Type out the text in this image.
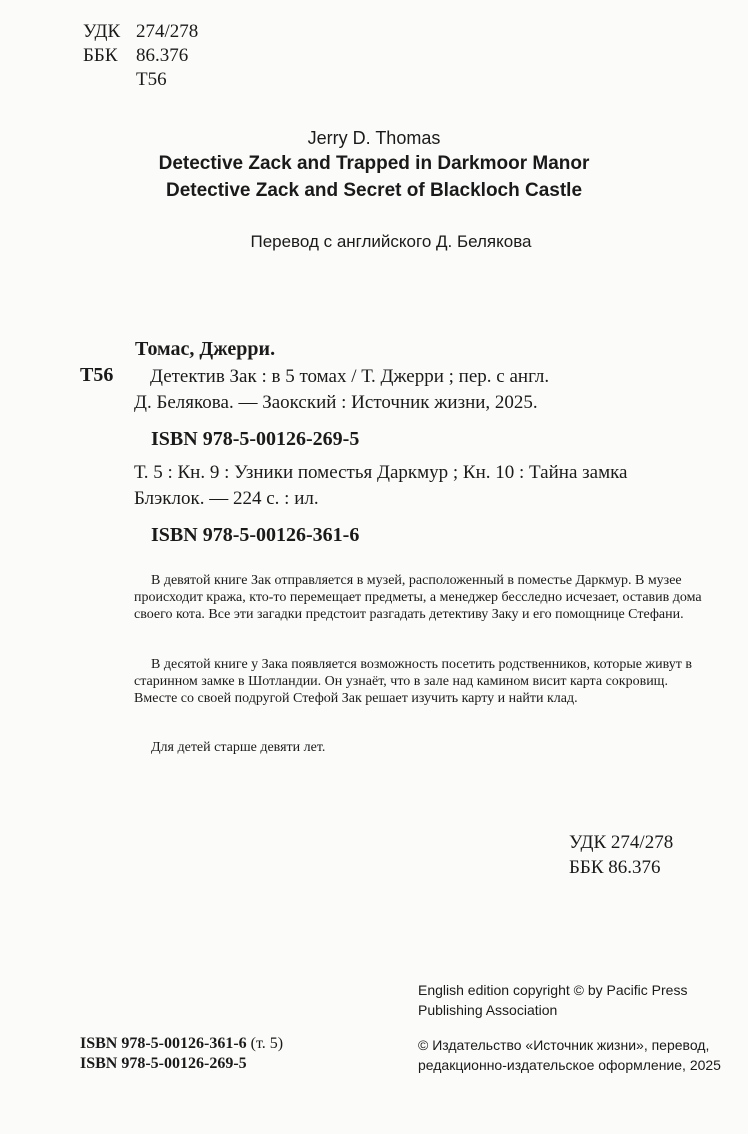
УДК 274/278
ББК 86.376
Т56
Jerry D. Thomas
Detective Zack and Trapped in Darkmoor Manor
Detective Zack and Secret of Blackloch Castle
Перевод с английского Д. Белякова
Томас, Джерри.
Т56 Детектив Зак : в 5 томах / Т. Джерри ; пер. с англ.
Д. Белякова. — Заокский : Источник жизни, 2025.
ISBN 978-5-00126-269-5
Т. 5 : Кн. 9 : Узники поместья Даркмур ; Кн. 10 : Тайна замка
Блэклок. — 224 с. : ил.
ISBN 978-5-00126-361-6
В девятой книге Зак отправляется в музей, расположенный в поместье Даркмур. В музее происходит кража, кто-то перемещает предметы, а менеджер бесследно исчезает, оставив дома своего кота. Все эти загадки предстоит разгадать детективу Заку и его помощнице Стефани.
В десятой книге у Зака появляется возможность посетить родственников, которые живут в старинном замке в Шотландии. Он узнаёт, что в зале над камином висит карта сокровищ. Вместе со своей подругой Стефой Зак решает изучить карту и найти клад.
Для детей старше девяти лет.
УДК 274/278
ББК 86.376
English edition copyright © by Pacific Press
Publishing Association
© Издательство «Источник жизни», перевод,
редакционно-издательское оформление, 2025
ISBN 978-5-00126-361-6 (т. 5)
ISBN 978-5-00126-269-5
